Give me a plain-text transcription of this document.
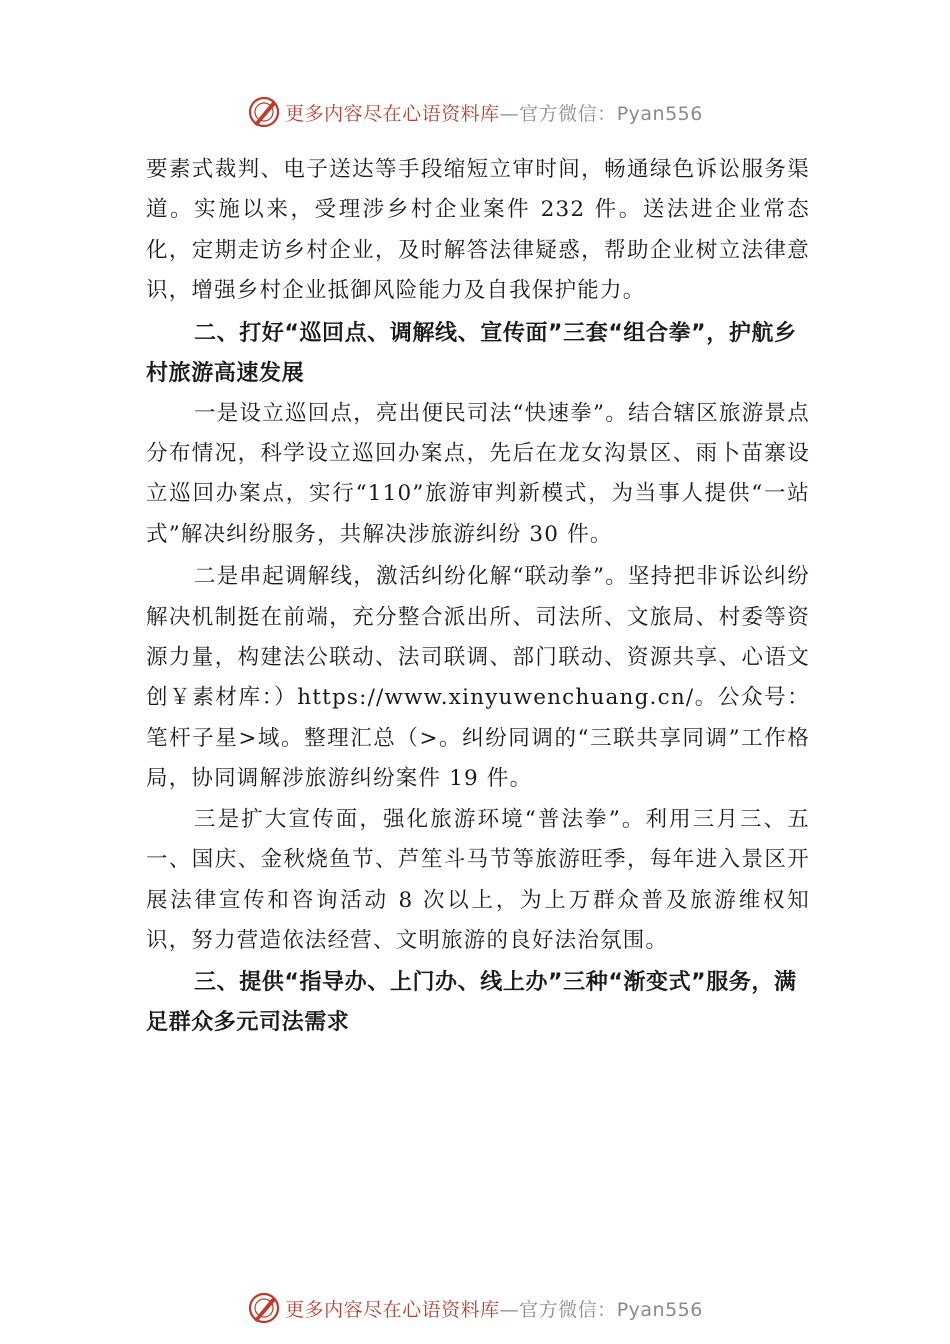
更多内容尽在心语资料库—官方微信：Pyan556

要素式裁判、电子送达等手段缩短立审时间，畅通绿色诉讼服务渠道。实施以来，受理涉乡村企业案件 232 件。送法进企业常态化，定期走访乡村企业，及时解答法律疑惑，帮助企业树立法律意识，增强乡村企业抵御风险能力及自我保护能力。

二、打好“巡回点、调解线、宣传面”三套“组合拳”，护航乡村旅游高速发展

一是设立巡回点，亮出便民司法“快速拳”。结合辖区旅游景点分布情况，科学设立巡回办案点，先后在龙女沟景区、雨卜苗寨设立巡回办案点，实行“110”旅游审判新模式，为当事人提供“一站式”解决纠纷服务，共解决涉旅游纠纷 30 件。

二是串起调解线，激活纠纷化解“联动拳”。坚持把非诉讼纠纷解决机制挺在前端，充分整合派出所、司法所、文旅局、村委等资源力量，构建法公联动、法司联调、部门联动、资源共享、心语文创￥素材库：）https://www.xinyuwenchuang.cn/。公众号：笔杆子星>域。整理汇总（>。纠纷同调的“三联共享同调”工作格局，协同调解涉旅游纠纷案件 19 件。

三是扩大宣传面，强化旅游环境“普法拳”。利用三月三、五一、国庆、金秋烧鱼节、芦笙斗马节等旅游旺季，每年进入景区开展法律宣传和咨询活动 8 次以上，为上万群众普及旅游维权知识，努力营造依法经营、文明旅游的良好法治氛围。

三、提供“指导办、上门办、线上办”三种“渐变式”服务，满足群众多元司法需求

更多内容尽在心语资料库—官方微信：Pyan556
